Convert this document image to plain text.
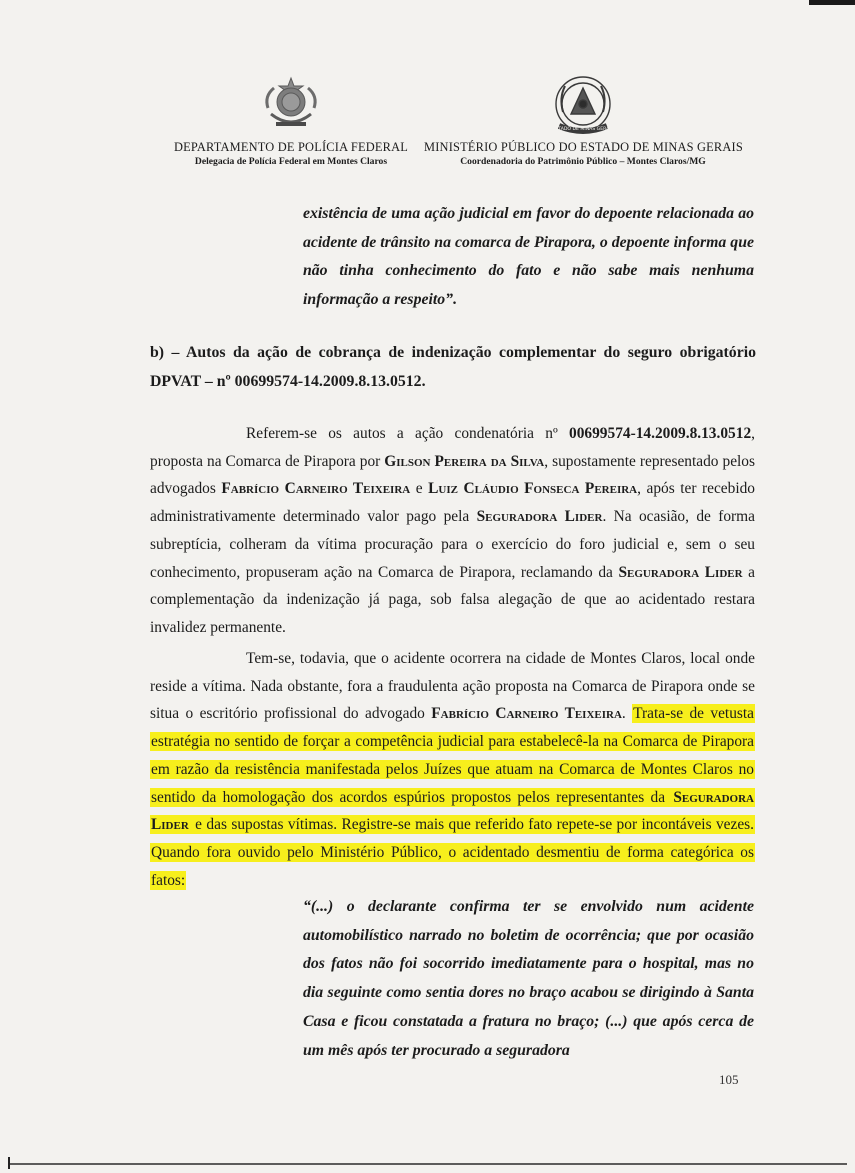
DEPARTAMENTO DE POLÍCIA FEDERAL
Delegacia de Polícia Federal em Montes Claros
ESTADO DE MINAS GERAIS
MINISTÉRIO PÚBLICO DO ESTADO DE MINAS GERAIS
Coordenadoria do Patrimônio Público – Montes Claros/MG
existência de uma ação judicial em favor do depoente relacionada ao acidente de trânsito na comarca de Pirapora, o depoente informa que não tinha conhecimento do fato e não sabe mais nenhuma informação a respeito”.
b) – Autos da ação de cobrança de indenização complementar do seguro obrigatório DPVAT – nº 00699574-14.2009.8.13.0512.
Referem-se os autos a ação condenatória nº 00699574-14.2009.8.13.0512, proposta na Comarca de Pirapora por Gilson Pereira da Silva, supostamente representado pelos advogados Fabrício Carneiro Teixeira e Luiz Cláudio Fonseca Pereira, após ter recebido administrativamente determinado valor pago pela Seguradora Lider. Na ocasião, de forma subreptícia, colheram da vítima procuração para o exercício do foro judicial e, sem o seu conhecimento, propuseram ação na Comarca de Pirapora, reclamando da Seguradora Lider a complementação da indenização já paga, sob falsa alegação de que ao acidentado restara invalidez permanente.
Tem-se, todavia, que o acidente ocorrera na cidade de Montes Claros, local onde reside a vítima. Nada obstante, fora a fraudulenta ação proposta na Comarca de Pirapora onde se situa o escritório profissional do advogado Fabrício Carneiro Teixeira. Trata-se de vetusta estratégia no sentido de forçar a competência judicial para estabelecê-la na Comarca de Pirapora em razão da resistência manifestada pelos Juízes que atuam na Comarca de Montes Claros no sentido da homologação dos acordos espúrios propostos pelos representantes da Seguradora Lider e das supostas vítimas. Registre-se mais que referido fato repete-se por incontáveis vezes. Quando fora ouvido pelo Ministério Público, o acidentado desmentiu de forma categórica os fatos:
“(...) o declarante confirma ter se envolvido num acidente automobilístico narrado no boletim de ocorrência; que por ocasião dos fatos não foi socorrido imediatamente para o hospital, mas no dia seguinte como sentia dores no braço acabou se dirigindo à Santa Casa e ficou constatada a fratura no braço; (...) que após cerca de um mês após ter procurado a seguradora
105
